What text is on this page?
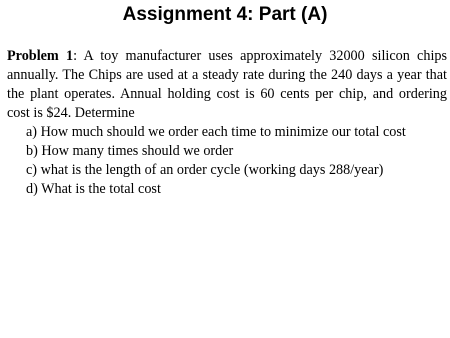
Assignment 4: Part (A)

Problem 1: A toy manufacturer uses approximately 32000 silicon chips annually. The Chips are used at a steady rate during the 240 days a year that the plant operates. Annual holding cost is 60 cents per chip, and ordering cost is $24. Determine

a) How much should we order each time to minimize our total cost
b) How many times should we order
c) what is the length of an order cycle (working days 288/year)
d) What is the total cost
